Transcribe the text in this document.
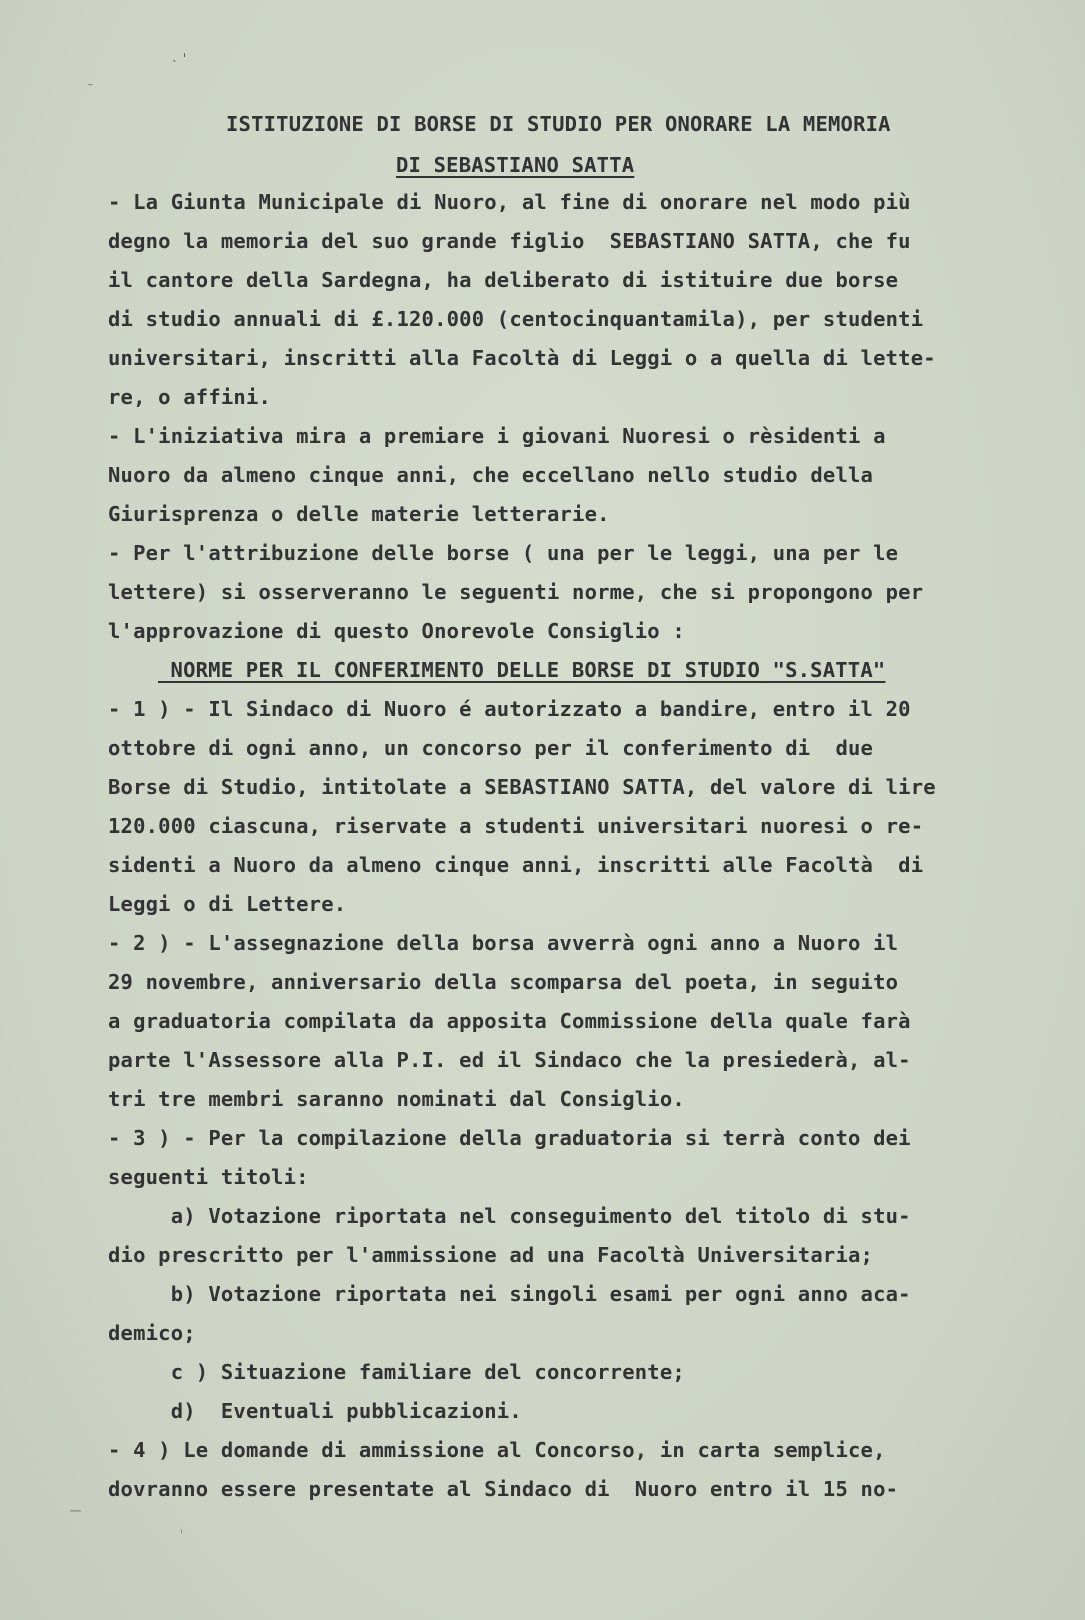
˴ˈ
⁻
ISTITUZIONE DI BORSE DI STUDIO PER ONORARE LA MEMORIA
DI SEBASTIANO SATTA
- La Giunta Municipale di Nuoro, al fine di onorare nel modo più
degno la memoria del suo grande figlio  SEBASTIANO SATTA, che fu
il cantore della Sardegna, ha deliberato di istituire due borse
di studio annuali di £.120.000 (centocinquantamila), per studenti
universitari, inscritti alla Facoltà di Leggi o a quella di lette-
re, o affini.
- L'iniziativa mira a premiare i giovani Nuoresi o rèsidenti a
Nuoro da almeno cinque anni, che eccellano nello studio della
Giurisprenza o delle materie letterarie.
- Per l'attribuzione delle borse ( una per le leggi, una per le
lettere) si osserveranno le seguenti norme, che si propongono per
l'approvazione di questo Onorevole Consiglio :
NORME PER IL CONFERIMENTO DELLE BORSE DI STUDIO "S.SATTA"
- 1 ) - Il Sindaco di Nuoro é autorizzato a bandire, entro il 20
ottobre di ogni anno, un concorso per il conferimento di  due
Borse di Studio, intitolate a SEBASTIANO SATTA, del valore di lire
120.000 ciascuna, riservate a studenti universitari nuoresi o re-
sidenti a Nuoro da almeno cinque anni, inscritti alle Facoltà  di
Leggi o di Lettere.
- 2 ) - L'assegnazione della borsa avverrà ogni anno a Nuoro il
29 novembre, anniversario della scomparsa del poeta, in seguito
a graduatoria compilata da apposita Commissione della quale farà
parte l'Assessore alla P.I. ed il Sindaco che la presiederà, al-
tri tre membri saranno nominati dal Consiglio.
- 3 ) - Per la compilazione della graduatoria si terrà conto dei
seguenti titoli:
a) Votazione riportata nel conseguimento del titolo di stu-
dio prescritto per l'ammissione ad una Facoltà Universitaria;
b) Votazione riportata nei singoli esami per ogni anno aca-
demico;
c ) Situazione familiare del concorrente;
d)  Eventuali pubblicazioni.
- 4 ) Le domande di ammissione al Concorso, in carta semplice,
dovranno essere presentate al Sindaco di  Nuoro entro il 15 no-
—
ˈ
